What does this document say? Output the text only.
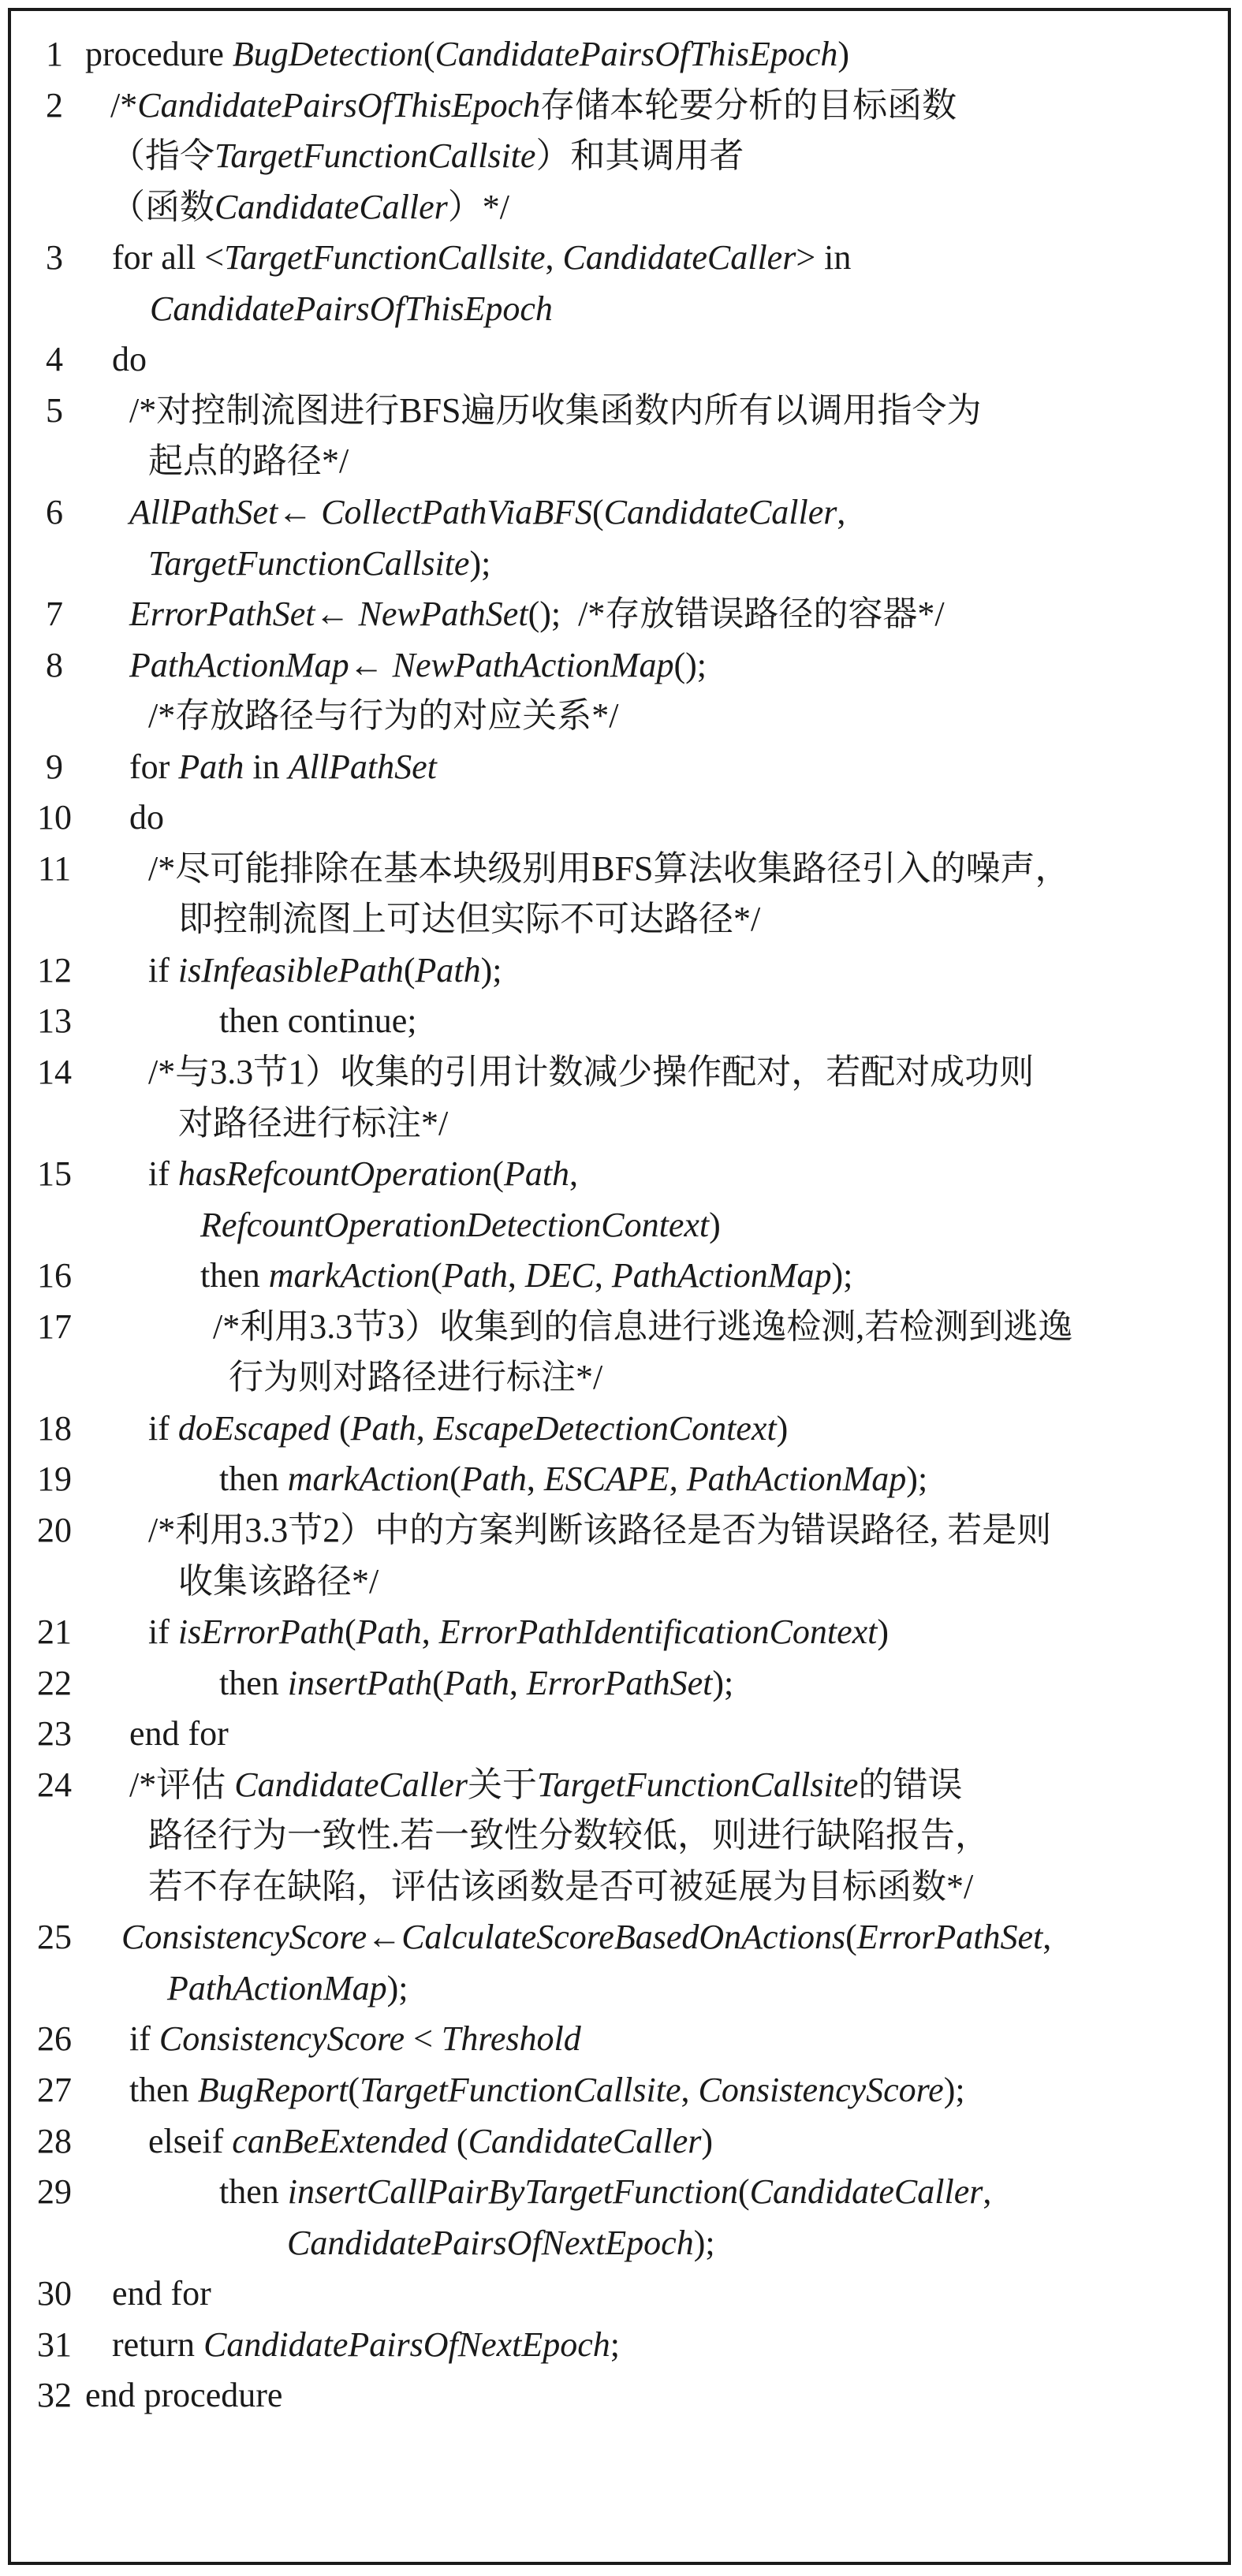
1 procedure BugDetection(CandidatePairsOfThisEpoch)
2	/*CandidatePairsOfThisEpoch存储本轮要分析的目标函数
（指令TargetFunctionCallsite）和其调用者
（函数CandidateCaller）*/
3	for all <TargetFunctionCallsite, CandidateCaller> in
CandidatePairsOfThisEpoch
4	do
5	/*对控制流图进行BFS遍历收集函数内所有以调用指令为
起点的路径*/
6	AllPathSet← CollectPathViaBFS(CandidateCaller,
TargetFunctionCallsite);
7	ErrorPathSet← NewPathSet();  /*存放错误路径的容器*/
8	PathActionMap← NewPathActionMap();
/*存放路径与行为的对应关系*/
9	for Path in AllPathSet
10 do
11	/*尽可能排除在基本块级别用BFS算法收集路径引入的噪声，
即控制流图上可达但实际不可达路径*/
12 if isInfeasiblePath(Path);
13	then continue;
14 /*与3.3节1）收集的引用计数减少操作配对，若配对成功则
对路径进行标注*/
15 if hasRefcountOperation(Path,
RefcountOperationDetectionContext)
16	then markAction(Path, DEC, PathActionMap);
17	/*利用3.3节3）收集到的信息进行逃逸检测,若检测到逃逸
行为则对路径进行标注*/
18 if doEscaped (Path, EscapeDetectionContext)
19	then markAction(Path, ESCAPE, PathActionMap);
20 /*利用3.3节2）中的方案判断该路径是否为错误路径, 若是则
收集该路径*/
21 if isErrorPath(Path, ErrorPathIdentificationContext)
22	then insertPath(Path, ErrorPathSet);
23 end for
24 /*评估 CandidateCaller关于TargetFunctionCallsite的错误
路径行为一致性.若一致性分数较低，则进行缺陷报告，
若不存在缺陷，评估该函数是否可被延展为目标函数*/
25 ConsistencyScore←CalculateScoreBasedOnActions(ErrorPathSet,
PathActionMap);
26 if ConsistencyScore < Threshold
27 then BugReport(TargetFunctionCallsite, ConsistencyScore);
28 elseif canBeExtended (CandidateCaller)
29	then insertCallPairByTargetFunction(CandidateCaller,
CandidatePairsOfNextEpoch);
30 end for
31 return CandidatePairsOfNextEpoch;
32 end procedure
